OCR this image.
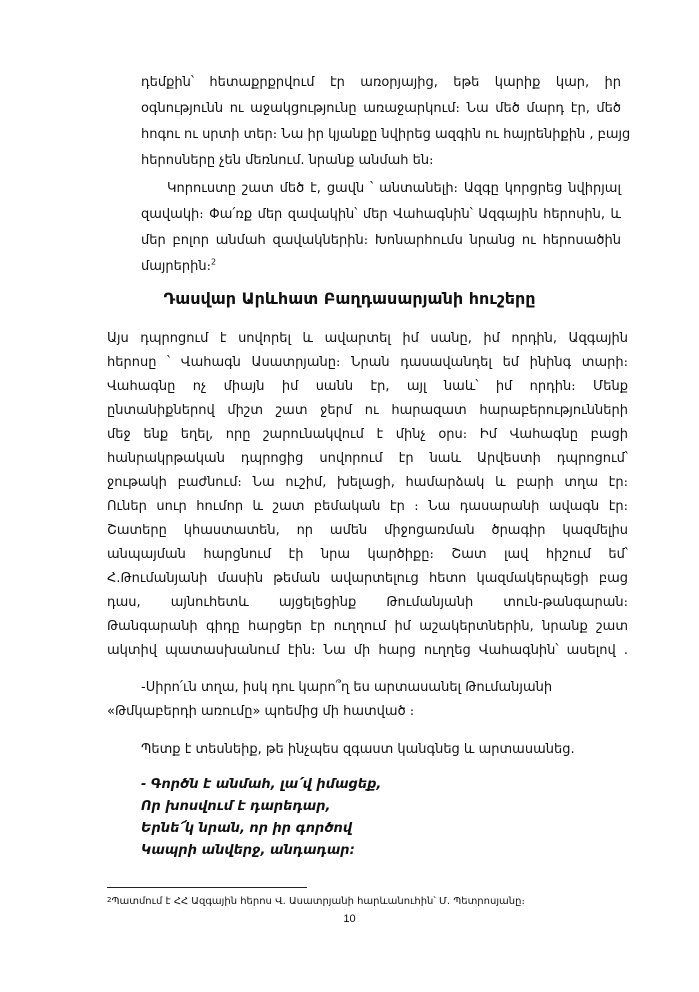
դեմքին՝ հետաքրքրվում էր առօրյայից, եթե կարիք կար, իր
օգնությունն ու աջակցությունը առաջարկում։ Նա մեծ մարդ էր, մեծ
հոգու ու սրտի տեր։ Նա իր կյանքը նվիրեց ազգին ու հայրենիքին , բայց
հերոսները չեն մեռնում. նրանք անմահ են։
Կորուստը շատ մեծ է, ցավն ՝ անտանելի։ Ազգը կորցրեց նվիրյալ
զավակի։ Փա՛ռք մեր զավակին՝ մեր Վահագնին՝ Ազգային հերոսին, և
մեր բոլոր անմահ զավակներին։ Խոնարհումս նրանց ու հերոսածին
մայրերին։$^2$
Դասվար Արևհատ Բաղդասարյանի հուշերը
Այս դպրոցում է սովորել և ավարտել իմ սանը, իմ որդին, Ազգային
հերոսը ՝ Վահագն Ասատրյանը։ Նրան դասավանդել եմ ինինգ տարի։
Վահագնը ոչ միայն իմ սանն էր, այլ նաև՝ իմ որդին։ Մենք
ընտանիքներով միշտ շատ ջերմ ու հարազատ հարաբերությունների
մեջ ենք եղել, որը շարունակվում է մինչ օրս։ Իմ Վահագնը բացի
հանրակրթական դպրոցից սովորում էր նաև Արվեստի դպրոցում՝
ջութակի բաժնում։ Նա ուշիմ, խելացի, համարձակ և բարի տղա էր։
Ուներ սուր հումոր և շատ բեմական էր ։ Նա դասարանի ավագն էր։
Շատերը կհաստատեն, որ ամեն միջոցառման ծրագիր կազմելիս
անպայման հարցնում էի նրա կարծիքը։ Շատ լավ հիշում եմ՝
Հ.Թումանյանի մասին թեման ավարտելուց հետո կազմակերպեցի բաց
դաս, այնուհետև այցելեցինք Թումանյանի տուն-թանգարան։
Թանգարանի գիդը հարցեր էր ուղղում իմ աշակերտներին, նրանք շատ
ակտիվ պատասխանում էին։ Նա մի հարց ուղղեց Վահագնին՝ ասելով .
-Սիրո՛ւն տղա, իսկ դու կարո՞ղ ես արտասանել Թումանյանի
«Թմկաբերդի առումը» պոեմից մի հատված ։
Պետք է տեսնեիք, թե ինչպես զգաստ կանգնեց և արտասանեց.
- Գործն է անմահ, լա՛վ իմացեք,
Որ խոսվում է դարեդար,
Երնե՜կ նրան, որ իր գործով
Կապրի անվերջ, անդադար։
$^2$Պատմում է ՀՀ Ազգային հերոս Վ. Ասատրյանի հարևանուհին՝ Մ. Պետրոսյանը։
10
